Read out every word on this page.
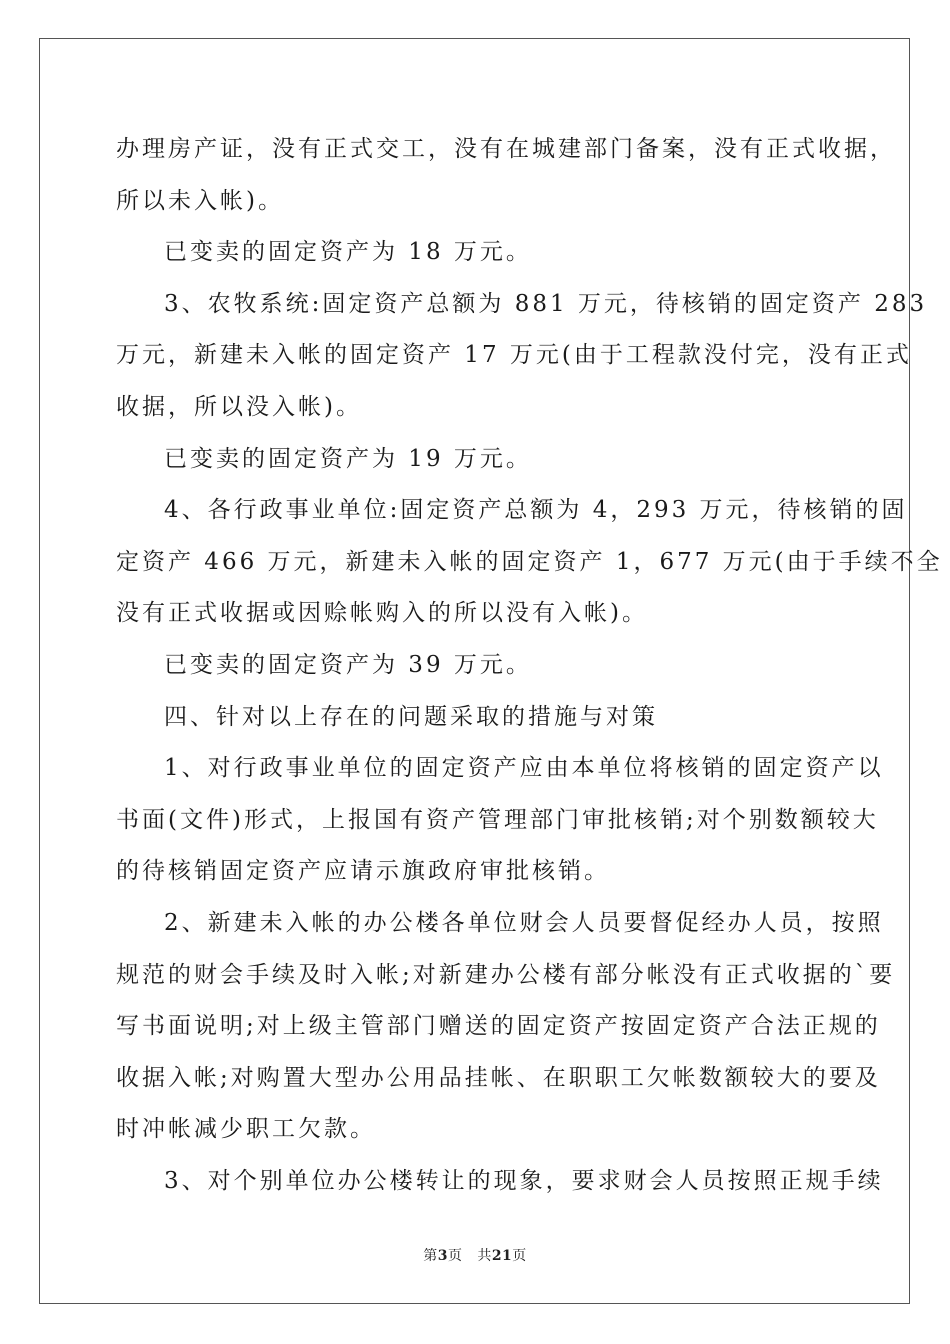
办理房产证，没有正式交工，没有在城建部门备案，没有正式收据，
所以未入帐)。
已变卖的固定资产为 18 万元。
3、农牧系统:固定资产总额为 881 万元，待核销的固定资产 283
万元，新建未入帐的固定资产 17 万元(由于工程款没付完，没有正式
收据，所以没入帐)。
已变卖的固定资产为 19 万元。
4、各行政事业单位:固定资产总额为 4，293 万元，待核销的固
定资产 466 万元，新建未入帐的固定资产 1，677 万元(由于手续不全
没有正式收据或因赊帐购入的所以没有入帐)。
已变卖的固定资产为 39 万元。
四、针对以上存在的问题采取的措施与对策
1、对行政事业单位的固定资产应由本单位将核销的固定资产以
书面(文件)形式，上报国有资产管理部门审批核销;对个别数额较大
的待核销固定资产应请示旗政府审批核销。
2、新建未入帐的办公楼各单位财会人员要督促经办人员，按照
规范的财会手续及时入帐;对新建办公楼有部分帐没有正式收据的`要
写书面说明;对上级主管部门赠送的固定资产按固定资产合法正规的
收据入帐;对购置大型办公用品挂帐、在职职工欠帐数额较大的要及
时冲帐减少职工欠款。
3、对个别单位办公楼转让的现象，要求财会人员按照正规手续
第3页 共21页
